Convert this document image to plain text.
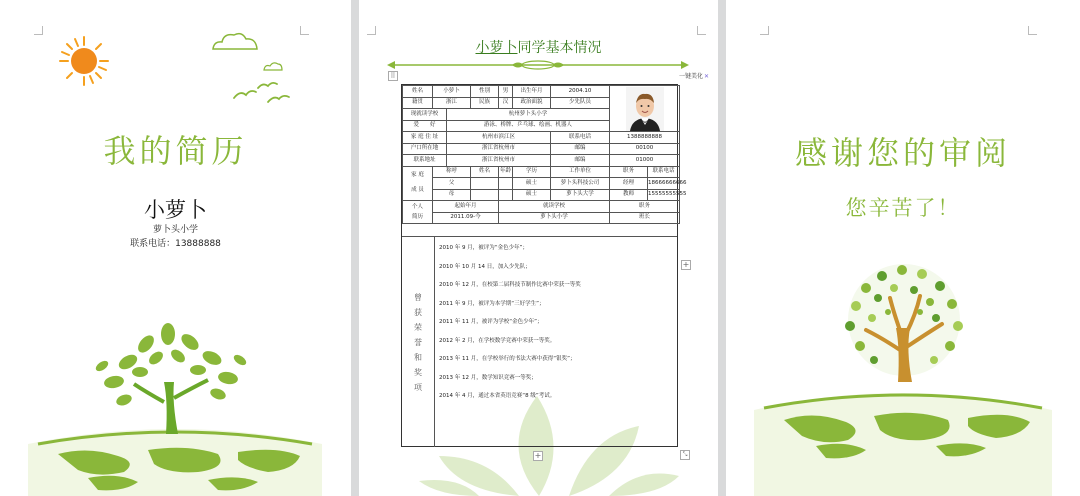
我的简历
小萝卜
萝卜头小学
联系电话：13888888
小萝卜同学基本情况
⠿	一键美化✕
姓名	小萝卜		性别	男	出生年月	2004.10	

籍贯	浙江		民族	汉	政治面貌	少先队员		
现就读学校		杭州萝卜头小学						
爱　　好		游泳、桥牌、乒乓球、绘画、机器人						
家 庭 住 址		杭州市滨江区				联系电话	1388888888	
户口所在地		浙江省杭州市				邮编	00100	
联系地址		浙江省杭州市				邮编	01000	

家 庭
成 员	称呼		姓名	年龄	学历	工作单位	职务	联系电话
	父				硕士	萝卜头科技公司	经理	18666666666
	母				硕士	萝卜头大学	教师	15555555555

个人
简历	起始年月			就读学校			职务	
	2011.09-今			萝卜头小学			班长	
曾
获
荣
誉
和
奖
项
2010 年 9 月，被评为“金色少年”；
2010 年 10 月 14 日，加入少先队；
2010 年 12 月，在校第二届科技节制作比赛中荣获一等奖
2011 年 9 月，被评为本学期“三好学生”；
2011 年 11 月，被评为学校“金色少年”；
2012 年 2 月，在学校数学竞赛中荣获一等奖。
2013 年 11 月，在学校举行的书法大赛中获得“银奖”；
2013 年 12 月，数学知识竞赛一等奖；
2014 年 4 月，通过本省英语竞赛“8 级”考试。
+
+	⤡
感谢您的审阅
您辛苦了！
